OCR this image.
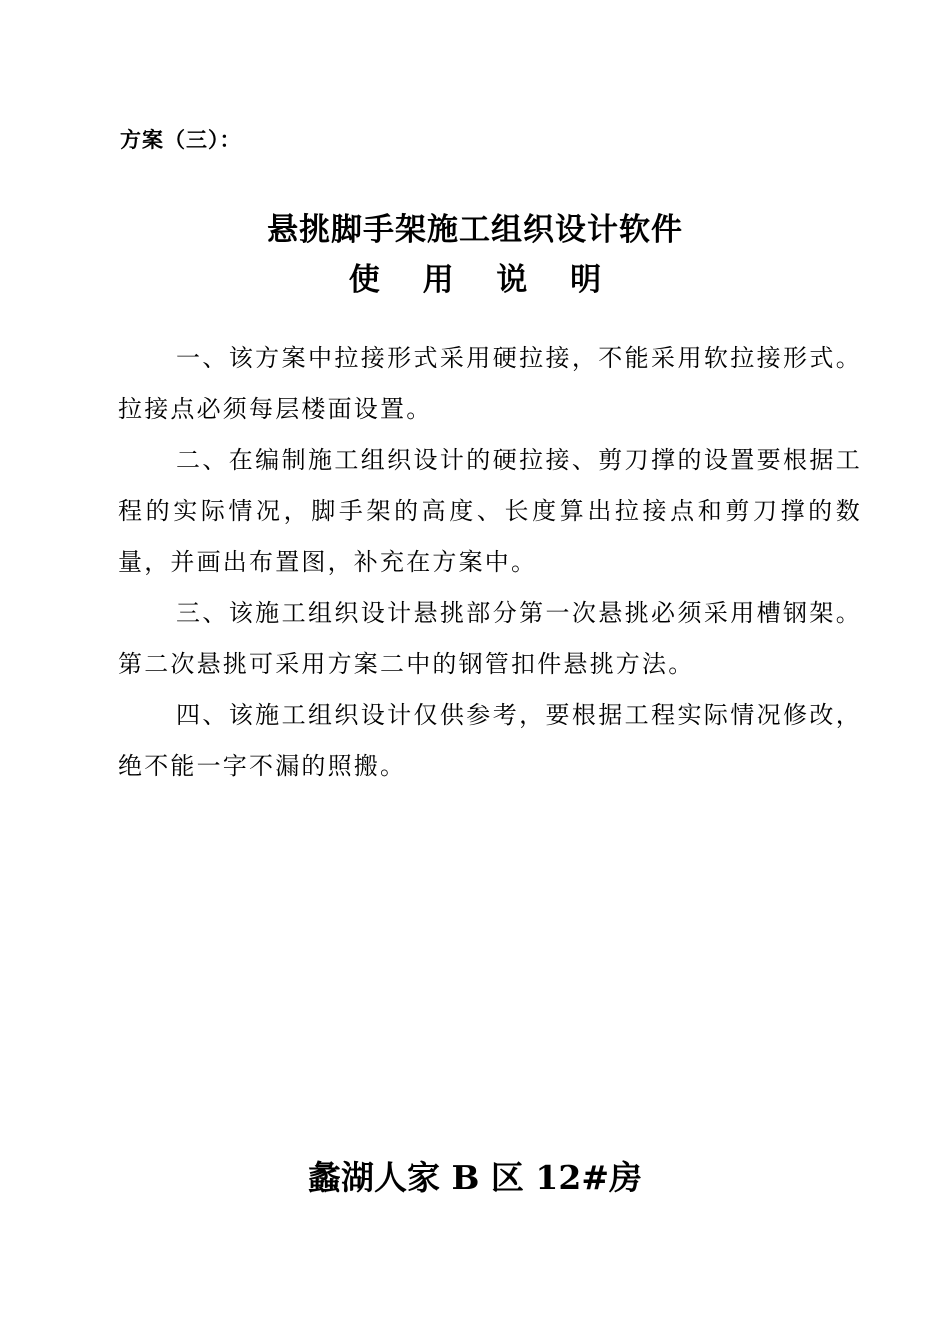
方案（三）：
悬挑脚手架施工组织设计软件
使 用 说 明

一、该方案中拉接形式采用硬拉接，不能采用软拉接形式。拉接点必须每层楼面设置。

二、在编制施工组织设计的硬拉接、剪刀撑的设置要根据工程的实际情况，脚手架的高度、长度算出拉接点和剪刀撑的数量，并画出布置图，补充在方案中。

三、该施工组织设计悬挑部分第一次悬挑必须采用槽钢架。第二次悬挑可采用方案二中的钢管扣件悬挑方法。

四、该施工组织设计仅供参考，要根据工程实际情况修改，绝不能一字不漏的照搬。

蠡湖人家 B 区 12#房
